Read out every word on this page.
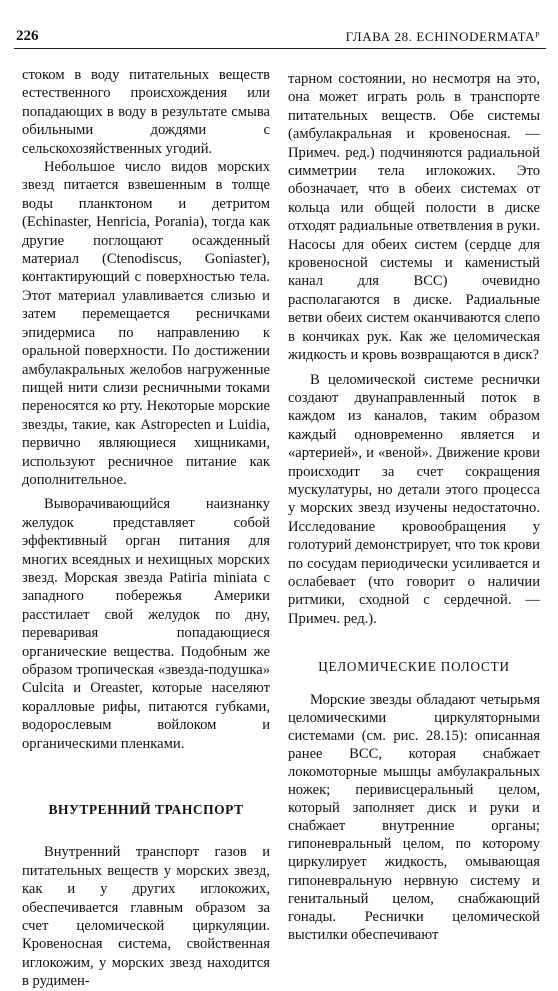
226	ГЛАВА 28. ECHINODERMATAᴾ

стоком в воду питательных веществ естественного происхождения или попадающих в воду в результате смыва обильными дождями с сельскохозяйственных угодий.

Небольшое число видов морских звезд питается взвешенным в толще воды планктоном и детритом (Echinaster, Henricia, Porania), тогда как другие поглощают осажденный материал (Ctenodiscus, Goniaster), контактирующий с поверхностью тела. Этот материал улавливается слизью и затем перемещается ресничками эпидермиса по направлению к оральной поверхности. По достижении амбулакральных желобов нагруженные пищей нити слизи ресничными токами переносятся ко рту. Некоторые морские звезды, такие, как Astropecten и Luidia, первично являющиеся хищниками, используют ресничное питание как дополнительное.

Выворачивающийся наизнанку желудок представляет собой эффективный орган питания для многих всеядных и нехищных морских звезд. Морская звезда Patiria miniata с западного побережья Америки расстилает свой желудок по дну, переваривая попадающиеся органические вещества. Подобным же образом тропическая «звезда-подушка» Culcita и Oreaster, которые населяют коралловые рифы, питаются губками, водорослевым войлоком и органическими пленками.

ВНУТРЕННИЙ ТРАНСПОРТ

Внутренний транспорт газов и питательных веществ у морских звезд, как и у других иглокожих, обеспечивается главным образом за счет целомической циркуляции. Кровеносная система, свойственная иглокожим, у морских звезд находится в рудимен-

тарном состоянии, но несмотря на это, она может играть роль в транспорте питательных веществ. Обе системы (амбулакральная и кровеносная. — Примеч. ред.) подчиняются радиальной симметрии тела иглокожих. Это обозначает, что в обеих системах от кольца или общей полости в диске отходят радиальные ответвления в руки. Насосы для обеих систем (сердце для кровеносной системы и каменистый канал для ВСС) очевидно располагаются в диске. Радиальные ветви обеих систем оканчиваются слепо в кончиках рук. Как же целомическая жидкость и кровь возвращаются в диск?

В целомической системе реснички создают двунаправленный поток в каждом из каналов, таким образом каждый одновременно является и «артерией», и «веной». Движение крови происходит за счет сокращения мускулатуры, но детали этого процесса у морских звезд изучены недостаточно. Исследование кровообращения у голотурий демонстрирует, что ток крови по сосудам периодически усиливается и ослабевает (что говорит о наличии ритмики, сходной с сердечной. — Примеч. ред.).

ЦЕЛОМИЧЕСКИЕ ПОЛОСТИ

Морские звезды обладают четырьмя целомическими циркуляторными системами (см. рис. 28.15): описанная ранее ВСС, которая снабжает локомоторные мышцы амбулакральных ножек; перивисцеральный целом, который заполняет диск и руки и снабжает внутренние органы; гипоневральный целом, по которому циркулирует жидкость, омывающая гипоневральную нервную систему и генитальный целом, снабжающий гонады. Реснички целомической выстилки обеспечивают
